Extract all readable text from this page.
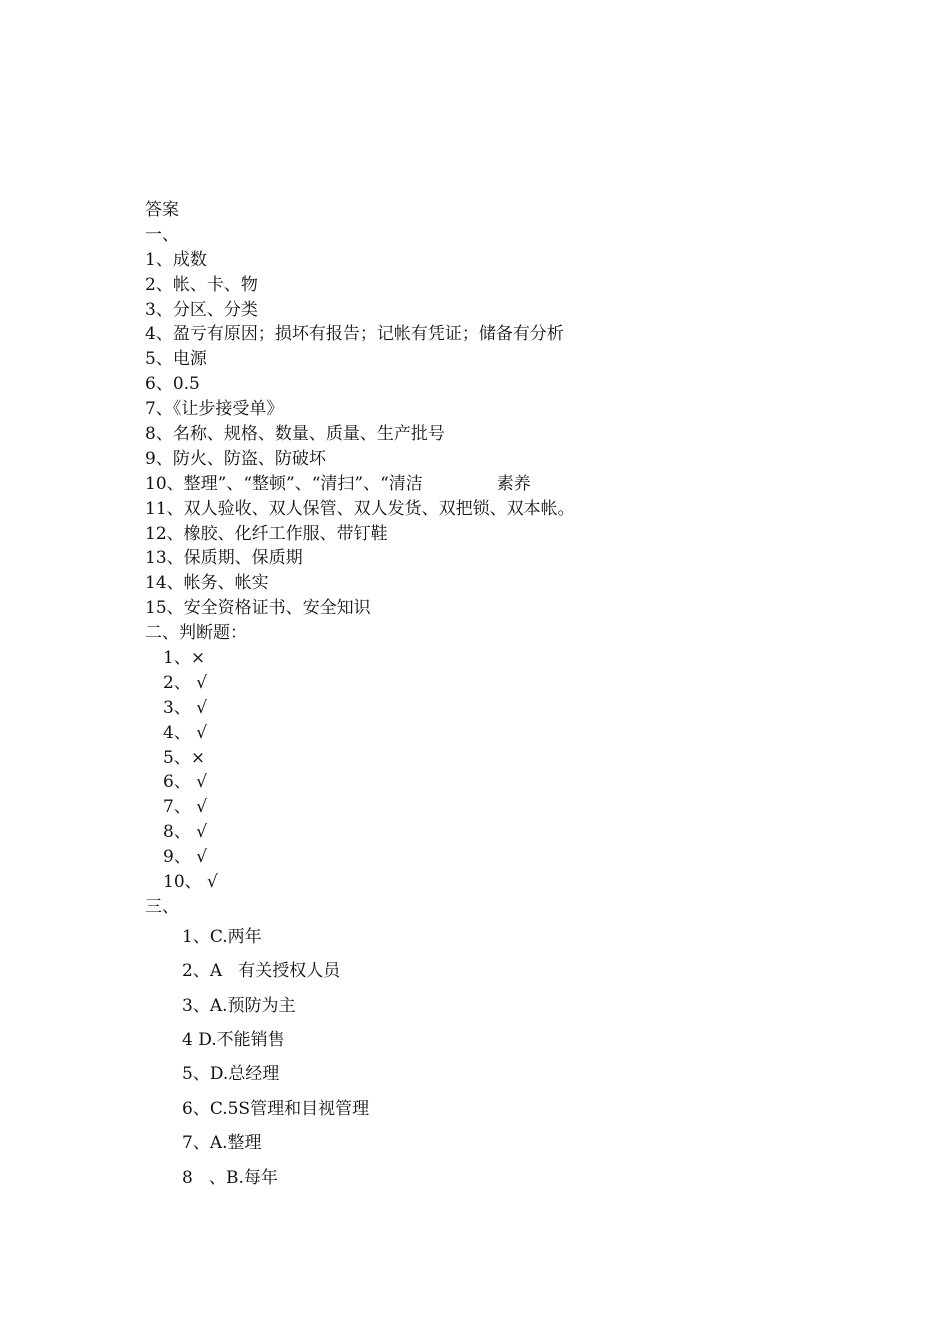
答案
一、
1、成数
2、帐、卡、物
3、分区、分类
4、盈亏有原因；损坏有报告；记帐有凭证；储备有分析
5、电源
6、0.5
7、《让步接受单》
8、名称、规格、数量、质量、生产批号
9、防火、防盗、防破坏
10、整理”、“整顿”、“清扫”、“清洁	素养
11、双人验收、双人保管、双人发货、双把锁、双本帐。
12、橡胶、化纤工作服、带钉鞋
13、保质期、保质期
14、帐务、帐实
15、安全资格证书、安全知识
二、判断题：
1、×
2、 √
3、 √
4、 √
5、×
6、 √
7、 √
8、 √
9、 √
10、 √
三、
1、C.两年
2、A   有关授权人员
3、A.预防为主
4 D.不能销售
5、D.总经理
6、C.5S管理和目视管理
7、A.整理
8   、B.每年
